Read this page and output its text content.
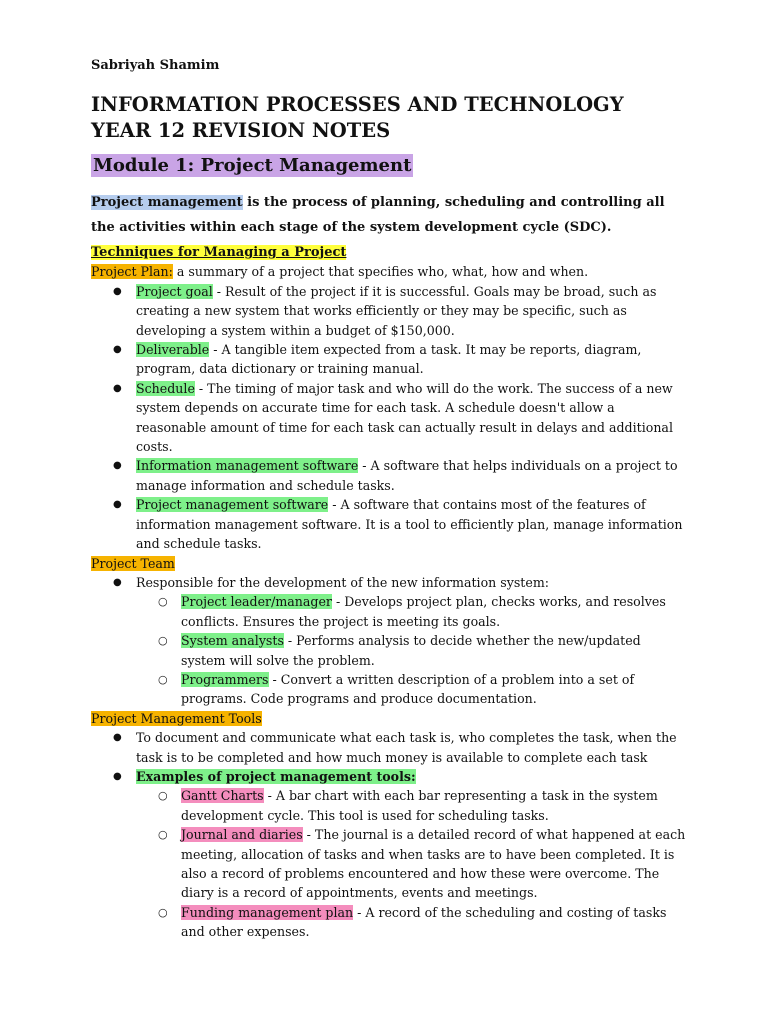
Sabriyah Shamim

INFORMATION PROCESSES AND TECHNOLOGY
YEAR 12 REVISION NOTES
Module 1: Project Management

Project management is the process of planning, scheduling and controlling all the activities within each stage of the system development cycle (SDC).

Techniques for Managing a Project

Project Plan: a summary of a project that specifies who, what, how and when.

● Project goal - Result of the project if it is successful. Goals may be broad, such as creating a new system that works efficiently or they may be specific, such as developing a system within a budget of $150,000.
● Deliverable - A tangible item expected from a task. It may be reports, diagram, program, data dictionary or training manual.
● Schedule - The timing of major task and who will do the work. The success of a new system depends on accurate time for each task. A schedule doesn't allow a reasonable amount of time for each task can actually result in delays and additional costs.
● Information management software - A software that helps individuals on a project to manage information and schedule tasks.
● Project management software - A software that contains most of the features of information management software. It is a tool to efficiently plan, manage information and schedule tasks.

Project Team

● Responsible for the development of the new information system:
○ Project leader/manager - Develops project plan, checks works, and resolves conflicts. Ensures the project is meeting its goals.
○ System analysts - Performs analysis to decide whether the new/updated system will solve the problem.
○ Programmers - Convert a written description of a problem into a set of programs. Code programs and produce documentation.

Project Management Tools

● To document and communicate what each task is, who completes the task, when the task is to be completed and how much money is available to complete each task
● Examples of project management tools:
○ Gantt Charts - A bar chart with each bar representing a task in the system development cycle. This tool is used for scheduling tasks.
○ Journal and diaries - The journal is a detailed record of what happened at each meeting, allocation of tasks and when tasks are to have been completed. It is also a record of problems encountered and how these were overcome. The diary is a record of appointments, events and meetings.
○ Funding management plan - A record of the scheduling and costing of tasks and other expenses.
